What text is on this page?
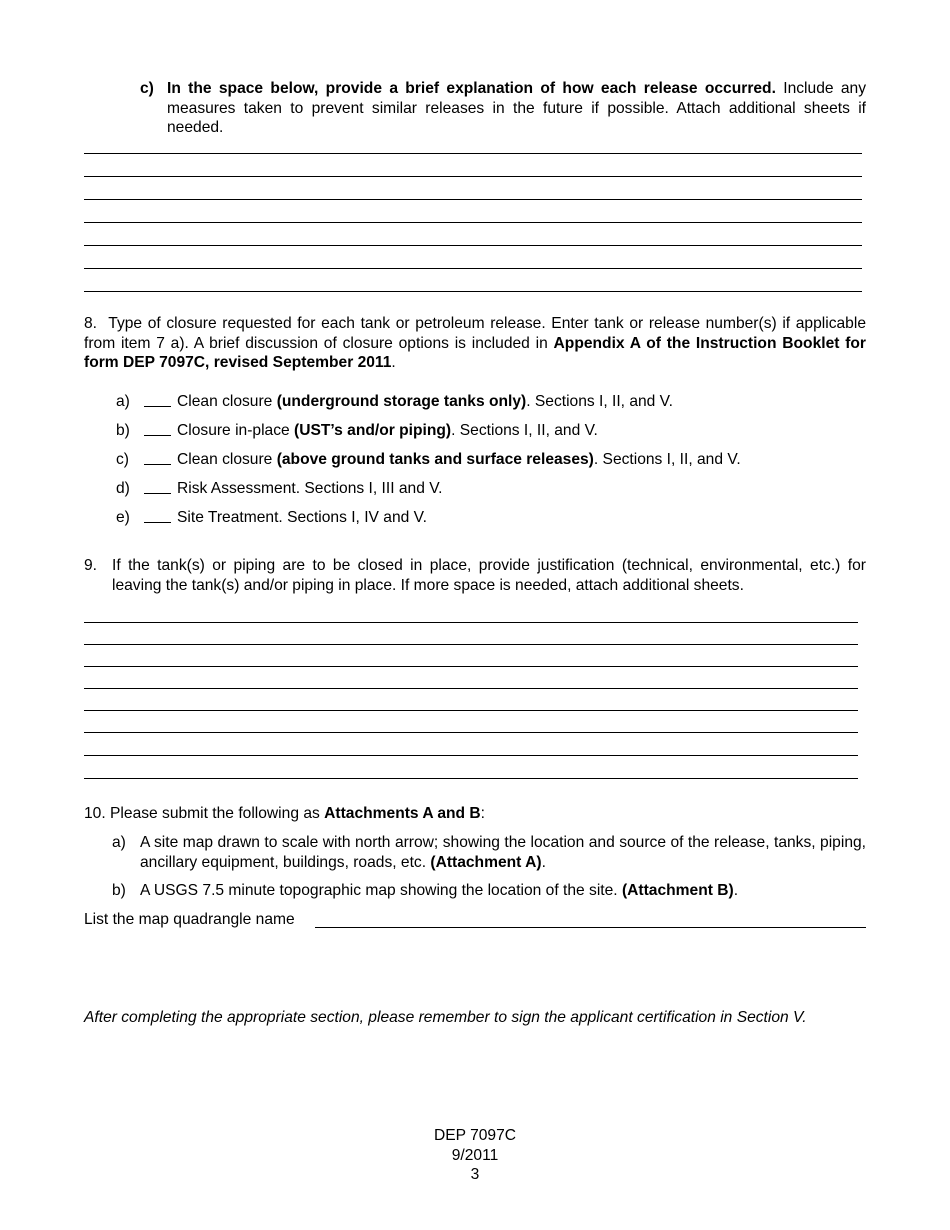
c) In the space below, provide a brief explanation of how each release occurred. Include any measures taken to prevent similar releases in the future if possible. Attach additional sheets if needed.
8. Type of closure requested for each tank or petroleum release. Enter tank or release number(s) if applicable from item 7 a). A brief discussion of closure options is included in Appendix A of the Instruction Booklet for form DEP 7097C, revised September 2011.
a)	Clean closure (underground storage tanks only). Sections I, II, and V.
b)	Closure in-place (UST’s and/or piping). Sections I, II, and V.
c)	Clean closure (above ground tanks and surface releases). Sections I, II, and V.
d)	Risk Assessment. Sections I, III and V.
e)	Site Treatment. Sections I, IV and V.
9. If the tank(s) or piping are to be closed in place, provide justification (technical, environmental, etc.) for leaving the tank(s) and/or piping in place. If more space is needed, attach additional sheets.
10. Please submit the following as Attachments A and B:
a) A site map drawn to scale with north arrow; showing the location and source of the release, tanks, piping, ancillary equipment, buildings, roads, etc. (Attachment A).
b) A USGS 7.5 minute topographic map showing the location of the site. (Attachment B).
List the map quadrangle name
After completing the appropriate section, please remember to sign the applicant certification in Section V.
DEP 7097C
9/2011
3
